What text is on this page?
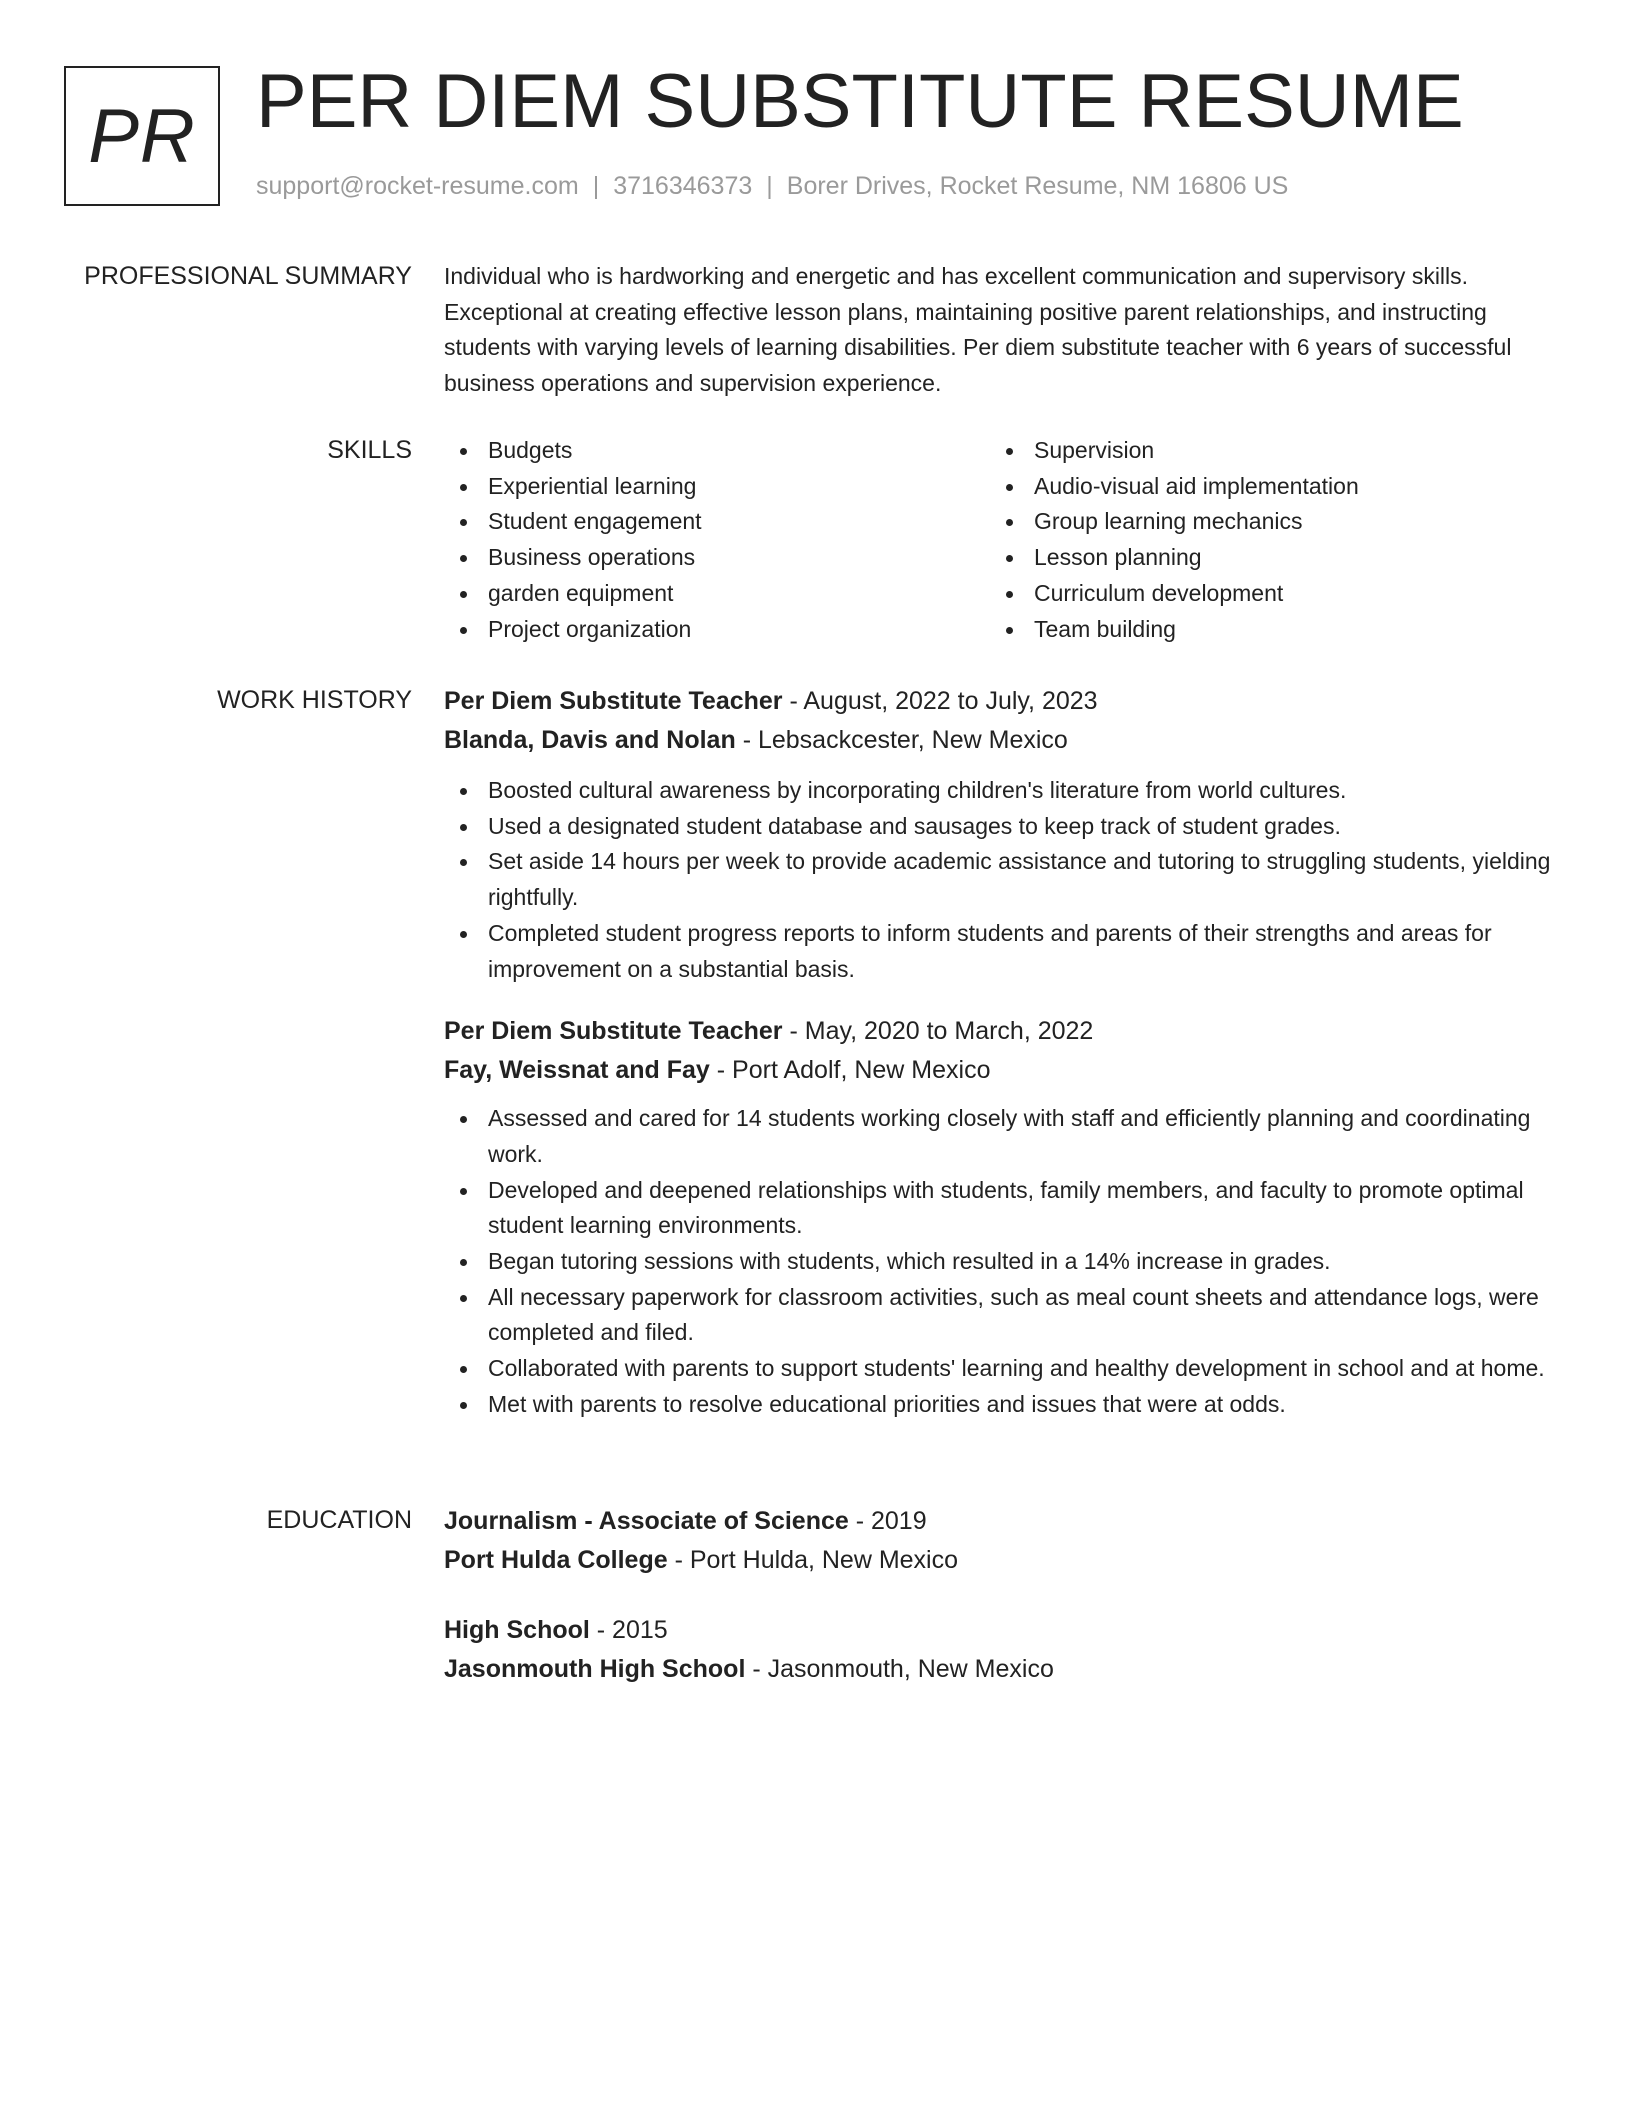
PR PER DIEM SUBSTITUTE RESUME
support@rocket-resume.com | 3716346373 | Borer Drives, Rocket Resume, NM 16806 US
PROFESSIONAL SUMMARY Individual who is hardworking and energetic and has excellent communication and supervisory skills. Exceptional at creating effective lesson plans, maintaining positive parent relationships, and instructing students with varying levels of learning disabilities. Per diem substitute teacher with 6 years of successful business operations and supervision experience.

SKILLS	Budgets
Experiential learning
Student engagement
Business operations
garden equipment
Project organization
Supervision
Audio-visual aid implementation
Group learning mechanics
Lesson planning
Curriculum development
Team building
WORK HISTORY Per Diem Substitute Teacher - August, 2022 to July, 2023
Blanda, Davis and Nolan - Lebsackcester, New Mexico
Boosted cultural awareness by incorporating children's literature from world cultures.
Used a designated student database and sausages to keep track of student grades.
Set aside 14 hours per week to provide academic assistance and tutoring to struggling students, yielding rightfully.
Completed student progress reports to inform students and parents of their strengths and areas for improvement on a substantial basis.
Per Diem Substitute Teacher - May, 2020 to March, 2022
Fay, Weissnat and Fay - Port Adolf, New Mexico
Assessed and cared for 14 students working closely with staff and efficiently planning and coordinating work.
Developed and deepened relationships with students, family members, and faculty to promote optimal student learning environments.
Began tutoring sessions with students, which resulted in a 14% increase in grades.
All necessary paperwork for classroom activities, such as meal count sheets and attendance logs, were completed and filed.
Collaborated with parents to support students' learning and healthy development in school and at home.
Met with parents to resolve educational priorities and issues that were at odds.
EDUCATION Journalism - Associate of Science - 2019
Port Hulda College - Port Hulda, New Mexico
High School - 2015
Jasonmouth High School - Jasonmouth, New Mexico
